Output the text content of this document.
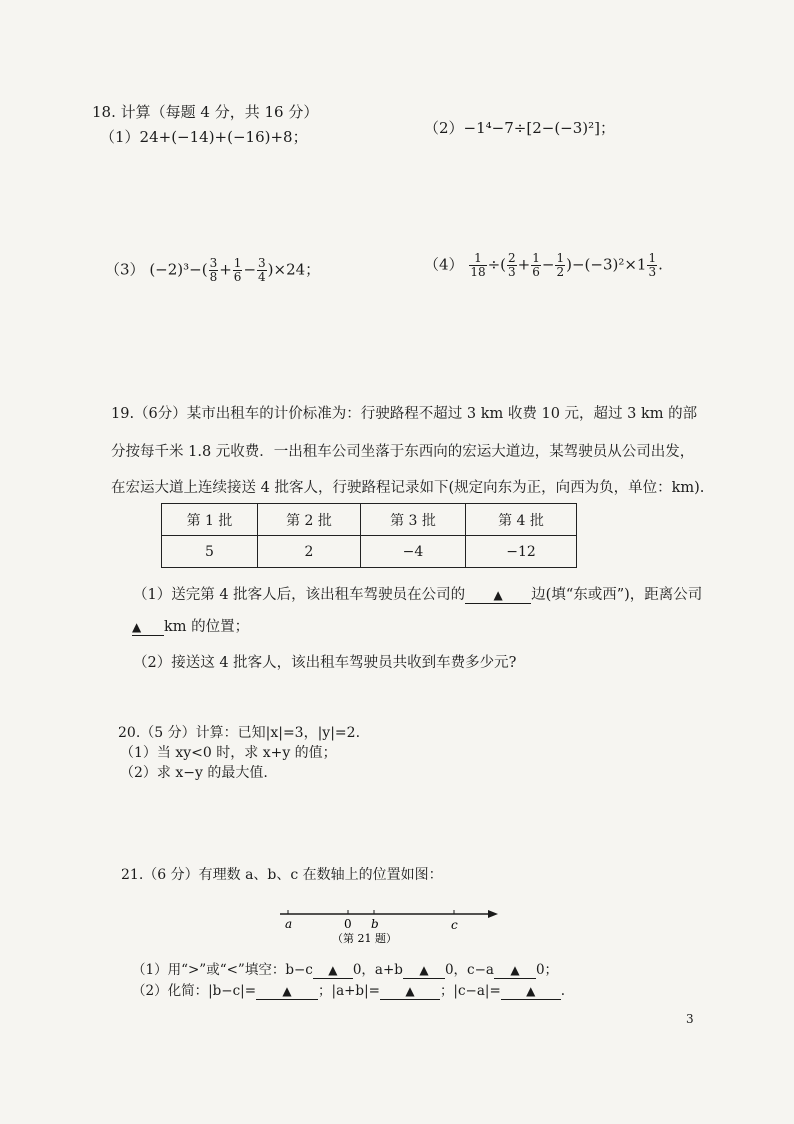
18. 计算（每题 4 分，共 16 分）
（1）24+(−14)+(−16)+8；	（2）−1⁴−7÷[2−(−3)²]；
（3） $(-2)^3-( \frac{3}{8} + \frac{1}{6} - \frac{3}{4} )\times 24$；	$(4) \frac{1}{18}$ ÷( $\frac{2}{3} + \frac{1}{6} - \frac{1}{2} )-(-3)^2\times 1 \frac{1}{3}$ .
19.（6分）某市出租车的计价标准为：行驶路程不超过 3 km 收费 10 元，超过 3 km 的部
分按每千米 1.8 元收费．一出租车公司坐落于东西向的宏运大道边，某驾驶员从公司出发，
在宏运大道上连续接送 4 批客人，行驶路程记录如下(规定向东为正，向西为负，单位：km).
第 1 批	第 2 批	第 3 批	第 4 批
5	2	−4	−12
（1）送完第 4 批客人后，该出租车驾驶员在公司的 ▲ 边(填“东或西”)，距离公司
▲ km 的位置；
（2）接送这 4 批客人，该出租车驾驶员共收到车费多少元?
20.（5 分）计算：已知|x|=3，|y|=2.
（1）当 xy<0 时，求 x+y 的值；
（2）求 x−y 的最大值.
21.（6 分）有理数 a、b、c 在数轴上的位置如图：
a	0 b	c
（第 21 题）
（1）用“>”或“<”填空：b−c ▲ 0，a+b ▲ 0，c−a ▲ 0；
（2）化简：|b−c|= ▲ ；|a+b|= ▲ ；|c−a|= ▲ .
3
